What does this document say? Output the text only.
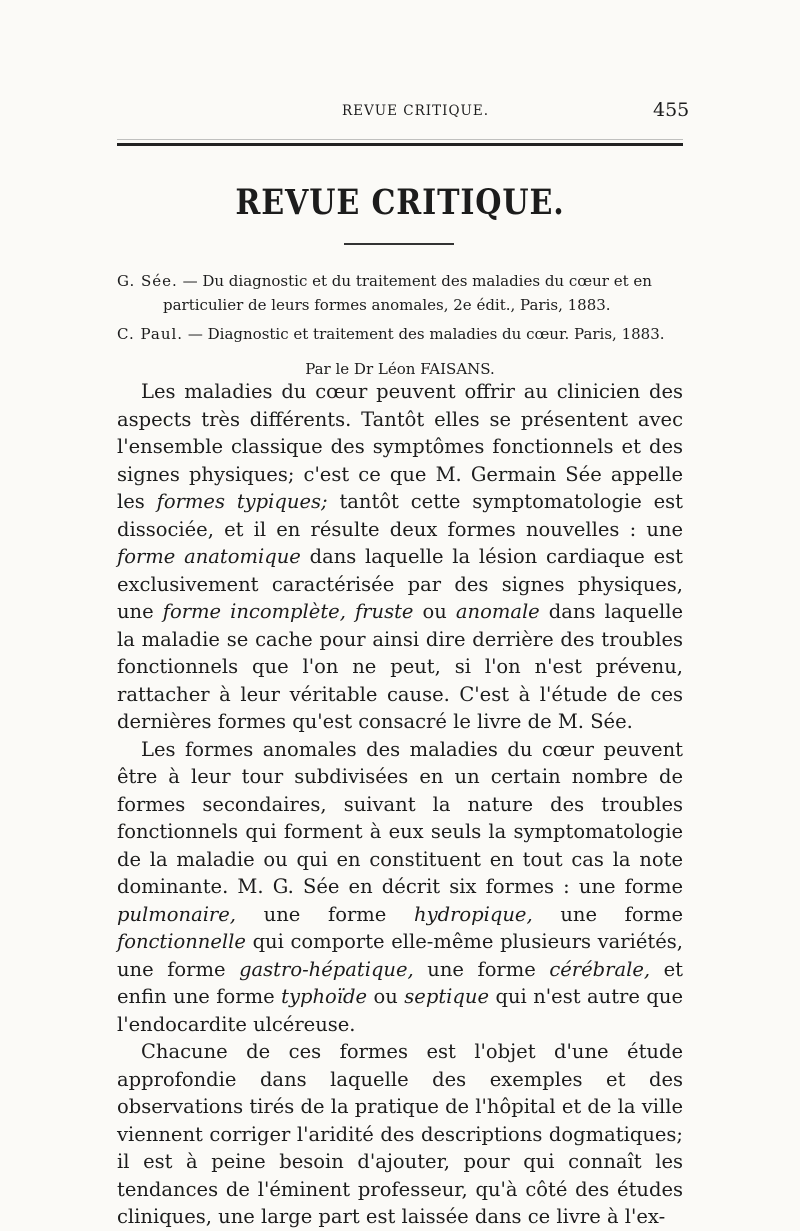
REVUE CRITIQUE.	455
REVUE CRITIQUE.
G. Sée. — Du diagnostic et du traitement des maladies du cœur et en
particulier de leurs formes anomales, 2e édit., Paris, 1883.
C. Paul. — Diagnostic et traitement des maladies du cœur. Paris, 1883.
Par le Dr Léon FAISANS.

Les maladies du cœur peuvent offrir au clinicien des aspects très différents. Tantôt elles se présentent avec l'ensemble classique des symptômes fonctionnels et des signes physiques; c'est ce que M. Germain Sée appelle les formes typiques; tantôt cette symptomatologie est dissociée, et il en résulte deux formes nouvelles : une forme anatomique dans laquelle la lésion cardiaque est exclusivement caractérisée par des signes physiques, une forme incomplète, fruste ou anomale dans laquelle la maladie se cache pour ainsi dire derrière des troubles fonctionnels que l'on ne peut, si l'on n'est prévenu, rattacher à leur véritable cause. C'est à l'étude de ces dernières formes qu'est consacré le livre de M. Sée.

Les formes anomales des maladies du cœur peuvent être à leur tour subdivisées en un certain nombre de formes secondaires, suivant la nature des troubles fonctionnels qui forment à eux seuls la symptomatologie de la maladie ou qui en constituent en tout cas la note dominante. M. G. Sée en décrit six formes : une forme pulmonaire, une forme hydropique, une forme fonctionnelle qui comporte elle-même plusieurs variétés, une forme gastro-hépatique, une forme cérébrale, et enfin une forme typhoïde ou septique qui n'est autre que l'endocardite ulcéreuse.

Chacune de ces formes est l'objet d'une étude approfondie dans laquelle des exemples et des observations tirés de la pratique de l'hôpital et de la ville viennent corriger l'aridité des descriptions dogmatiques; il est à peine besoin d'ajouter, pour qui connaît les tendances de l'éminent professeur, qu'à côté des études cliniques, une large part est laissée dans ce livre à l'ex-
